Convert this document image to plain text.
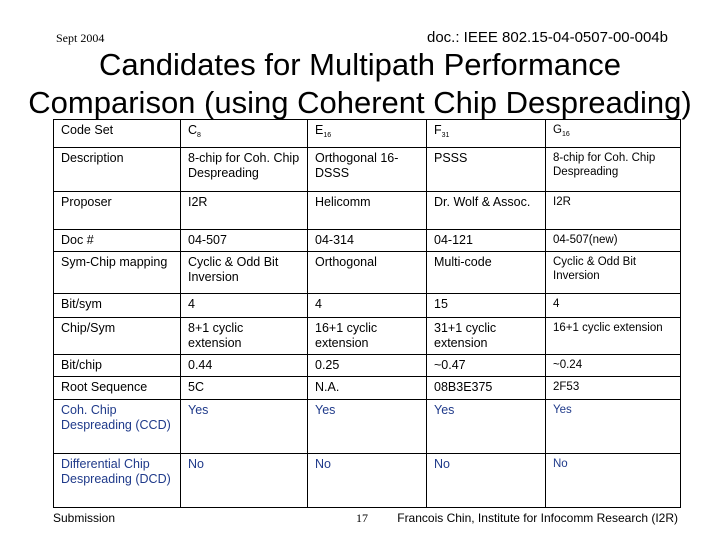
Sept 2004	doc.: IEEE 802.15-04-0507-00-004b
Candidates for Multipath Performance
Comparison (using Coherent Chip Despreading)
Code Set	$C_8$	$E_{16}$	$F_{31}$	$G_{16}$
Description	8-chip for Coh. Chip Despreading	Orthogonal 16-DSSS	PSSS	8-chip for Coh. Chip Despreading
Proposer	I2R	Helicomm	Dr. Wolf & Assoc.	I2R
Doc #	04-507	04-314	04-121	04-507(new)
Sym-Chip mapping	Cyclic & Odd Bit Inversion	Orthogonal	Multi-code	Cyclic & Odd Bit Inversion
Bit/sym	4	4	15	4
Chip/Sym	8+1 cyclic extension	16+1 cyclic extension	31+1 cyclic extension	16+1 cyclic extension
Bit/chip	0.44	0.25	~0.47	~0.24
Root Sequence	5C	N.A.	08B3E375	2F53
Coh. Chip Despreading (CCD)	Yes	Yes	Yes	Yes
Differential Chip Despreading (DCD)	No	No	No	No
Submission	17 Francois Chin, Institute for Infocomm Research (I2R)
